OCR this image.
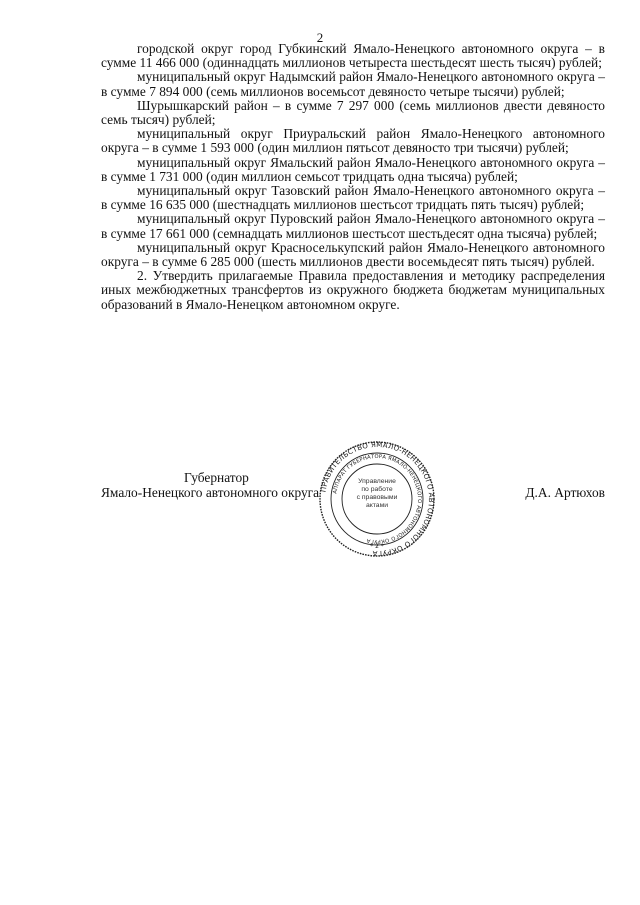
2

городской округ город Губкинский Ямало-Ненецкого автономного округа – в сумме 11 466 000 (одиннадцать миллионов четыреста шестьдесят шесть тысяч) рублей;

муниципальный округ Надымский район Ямало-Ненецкого автономного округа – в сумме 7 894 000 (семь миллионов восемьсот девяносто четыре тысячи) рублей;

Шурышкарский район – в сумме 7 297 000 (семь миллионов двести девяносто семь тысяч) рублей;

муниципальный округ Приуральский район Ямало-Ненецкого автономного округа – в сумме 1 593 000 (один миллион пятьсот девяносто три тысячи) рублей;

муниципальный округ Ямальский район Ямало-Ненецкого автономного округа – в сумме 1 731 000 (один миллион семьсот тридцать одна тысяча) рублей;

муниципальный округ Тазовский район Ямало-Ненецкого автономного округа – в сумме 16 635 000 (шестнадцать миллионов шестьсот тридцать пять тысяч) рублей;

муниципальный округ Пуровский район Ямало-Ненецкого автономного округа – в сумме 17 661 000 (семнадцать миллионов шестьсот шестьдесят одна тысяча) рублей;

муниципальный округ Красноселькупский район Ямало-Ненецкого автономного округа – в сумме 6 285 000 (шесть миллионов двести восемьдесят пять тысяч) рублей.

2. Утвердить прилагаемые Правила предоставления и методику распределения иных межбюджетных трансфертов из окружного бюджета бюджетам муниципальных образований в Ямало-Ненецком автономном округе.

Губернатор
Ямало-Ненецкого автономного округа	Д.А. Артюхов
ПРАВИТЕЛЬСТВО ЯМАЛО-НЕНЕЦКОГО АВТОНОМНОГО ОКРУГА
АППАРАТ ГУБЕРНАТОРА ЯМАЛО-НЕНЕЦКОГО АВТОНОМНОГО ОКРУГА
* 2 *
Управление
по работе
с правовыми
актами
